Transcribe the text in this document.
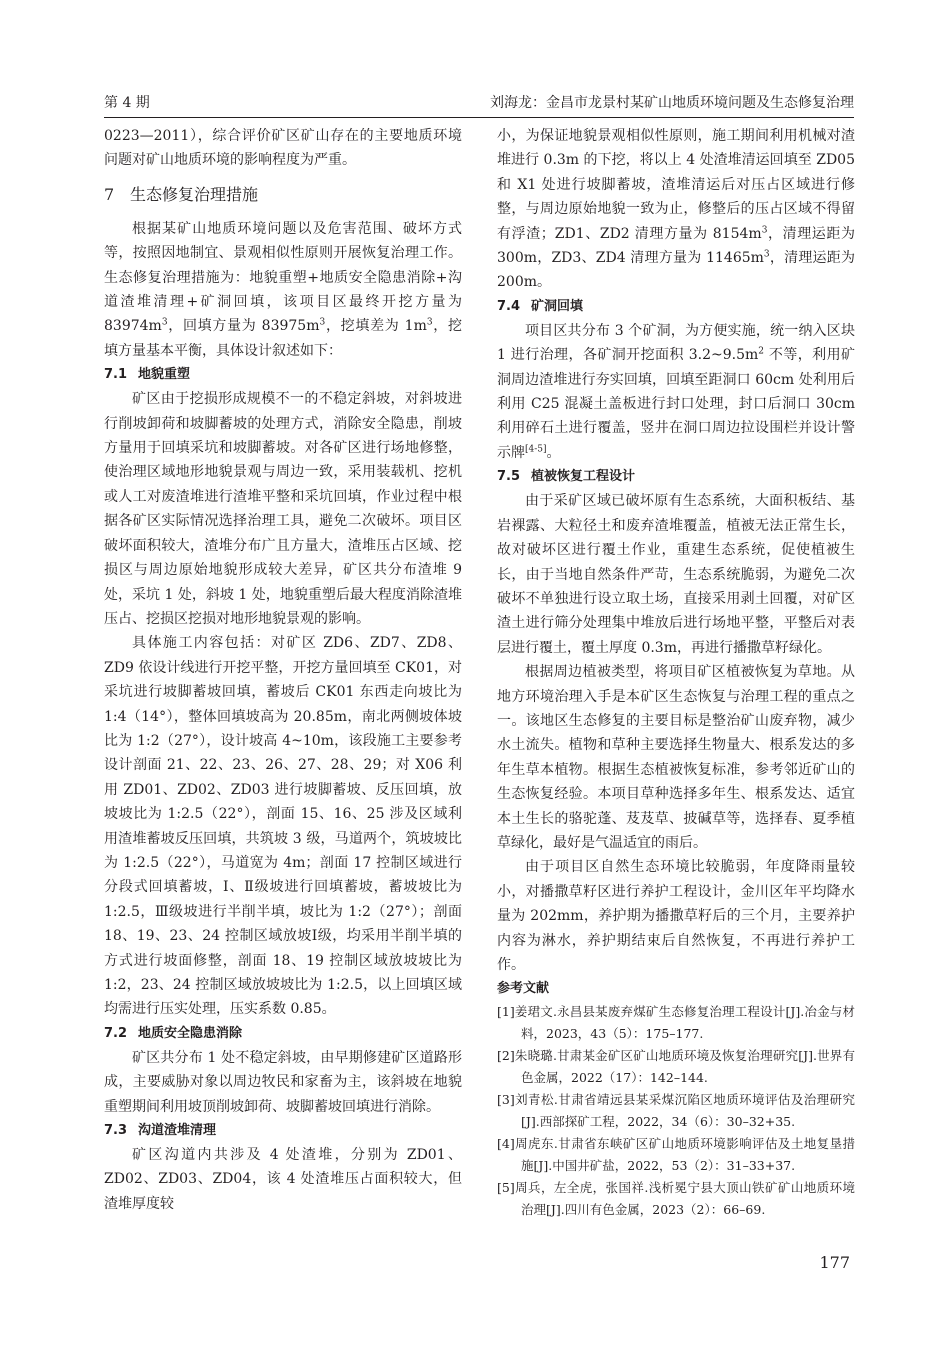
第 4 期	刘海龙：金昌市龙景村某矿山地质环境问题及生态修复治理

0223—2011），综合评价矿区矿山存在的主要地质环境问题对矿山地质环境的影响程度为严重。

7 生态修复治理措施

根据某矿山地质环境问题以及危害范围、破坏方式等，按照因地制宜、景观相似性原则开展恢复治理工作。生态修复治理措施为：地貌重塑+地质安全隐患消除+沟道渣堆清理+矿洞回填，该项目区最终开挖方量为 $83974m^3$，回填方量为 $83975m^3$，挖填差为 $1m^3$，挖填方量基本平衡，具体设计叙述如下：

7.1 地貌重塑

矿区由于挖损形成规模不一的不稳定斜坡，对斜坡进行削坡卸荷和坡脚蓄坡的处理方式，消除安全隐患，削坡方量用于回填采坑和坡脚蓄坡。对各矿区进行场地修整，使治理区域地形地貌景观与周边一致，采用装载机、挖机或人工对废渣堆进行渣堆平整和采坑回填，作业过程中根据各矿区实际情况选择治理工具，避免二次破坏。项目区破坏面积较大，渣堆分布广且方量大，渣堆压占区域、挖损区与周边原始地貌形成较大差异，矿区共分布渣堆 9 处，采坑 1 处，斜坡 1 处，地貌重塑后最大程度消除渣堆压占、挖损区挖损对地形地貌景观的影响。

具体施工内容包括：对矿区 ZD6、ZD7、ZD8、ZD9 依设计线进行开挖平整，开挖方量回填至 CK01，对采坑进行坡脚蓄坡回填，蓄坡后 CK01 东西走向坡比为 1:4（14°），整体回填坡高为 20.85m，南北两侧坡体坡比为 1:2（27°），设计坡高 4~10m，该段施工主要参考设计剖面 21、22、23、26、27、28、29；对 X06 利用 ZD01、ZD02、ZD03 进行坡脚蓄坡、反压回填，放坡坡比为 1:2.5（22°），剖面 15、16、25 涉及区域利用渣堆蓄坡反压回填，共筑坡 3 级，马道两个，筑坡坡比为 1:2.5（22°），马道宽为 4m；剖面 17 控制区域进行分段式回填蓄坡，Ⅰ、Ⅱ级坡进行回填蓄坡，蓄坡坡比为 1:2.5，Ⅲ级坡进行半削半填，坡比为 1:2（27°）；剖面 18、19、23、24 控制区域放坡Ⅰ级，均采用半削半填的方式进行坡面修整，剖面 18、19 控制区域放坡坡比为 1:2，23、24 控制区域放坡坡比为 1:2.5，以上回填区域均需进行压实处理，压实系数 0.85。

7.2 地质安全隐患消除

矿区共分布 1 处不稳定斜坡，由早期修建矿区道路形成，主要威胁对象以周边牧民和家畜为主，该斜坡在地貌重塑期间利用坡顶削坡卸荷、坡脚蓄坡回填进行消除。

7.3 沟道渣堆清理

矿区沟道内共涉及 4 处渣堆，分别为 ZD01、ZD02、ZD03、ZD04，该 4 处渣堆压占面积较大，但渣堆厚度较

小，为保证地貌景观相似性原则，施工期间利用机械对渣堆进行 0.3m 的下挖，将以上 4 处渣堆清运回填至 ZD05 和 X1 处进行坡脚蓄坡，渣堆清运后对压占区域进行修整，与周边原始地貌一致为止，修整后的压占区域不得留有浮渣；ZD1、ZD2 清理方量为 $8154m^3$，清理运距为 300m，ZD3、ZD4 清理方量为 $11465m^3$，清理运距为 200m。

7.4 矿洞回填

项目区共分布 3 个矿洞，为方便实施，统一纳入区块 1 进行治理，各矿洞开挖面积 $3.2\sim 9.5m^2$ 不等，利用矿洞周边渣堆进行夯实回填，回填至距洞口 60cm 处利用后利用 C25 混凝土盖板进行封口处理，封口后洞口 30cm 利用碎石土进行覆盖，竖井在洞口周边拉设围栏并设计警示牌[4-5]。

7.5 植被恢复工程设计

由于采矿区域已破坏原有生态系统，大面积板结、基岩裸露、大粒径土和废弃渣堆覆盖，植被无法正常生长，故对破坏区进行覆土作业，重建生态系统，促使植被生长，由于当地自然条件严苛，生态系统脆弱，为避免二次破坏不单独进行设立取土场，直接采用剥土回覆，对矿区渣土进行筛分处理集中堆放后进行场地平整，平整后对表层进行覆土，覆土厚度 0.3m，再进行播撒草籽绿化。

根据周边植被类型，将项目矿区植被恢复为草地。从地方环境治理入手是本矿区生态恢复与治理工程的重点之一。该地区生态修复的主要目标是整治矿山废弃物，减少水土流失。植物和草种主要选择生物量大、根系发达的多年生草本植物。根据生态植被恢复标准，参考邻近矿山的生态恢复经验。本项目草种选择多年生、根系发达、适宜本土生长的骆驼蓬、芨芨草、披碱草等，选择春、夏季植草绿化，最好是气温适宜的雨后。

由于项目区自然生态环境比较脆弱，年度降雨量较小，对播撒草籽区进行养护工程设计，金川区年平均降水量为 202mm，养护期为播撒草籽后的三个月，主要养护内容为淋水，养护期结束后自然恢复，不再进行养护工作。

参考文献

[1]姜珺文.永昌县某废弃煤矿生态修复治理工程设计[J].冶金与材料，2023，43（5）：175–177.

[2]朱晓璐.甘肃某金矿区矿山地质环境及恢复治理研究[J].世界有色金属，2022（17）：142–144.

[3]刘青松.甘肃省靖远县某采煤沉陷区地质环境评估及治理研究[J].西部探矿工程，2022，34（6）：30–32+35.

[4]周虎东.甘肃省东峡矿区矿山地质环境影响评估及土地复垦措施[J].中国井矿盐，2022，53（2）：31–33+37.

[5]周兵，左全虎，张国祥.浅析冕宁县大顶山铁矿矿山地质环境治理[J].四川有色金属，2023（2）：66–69.

177
